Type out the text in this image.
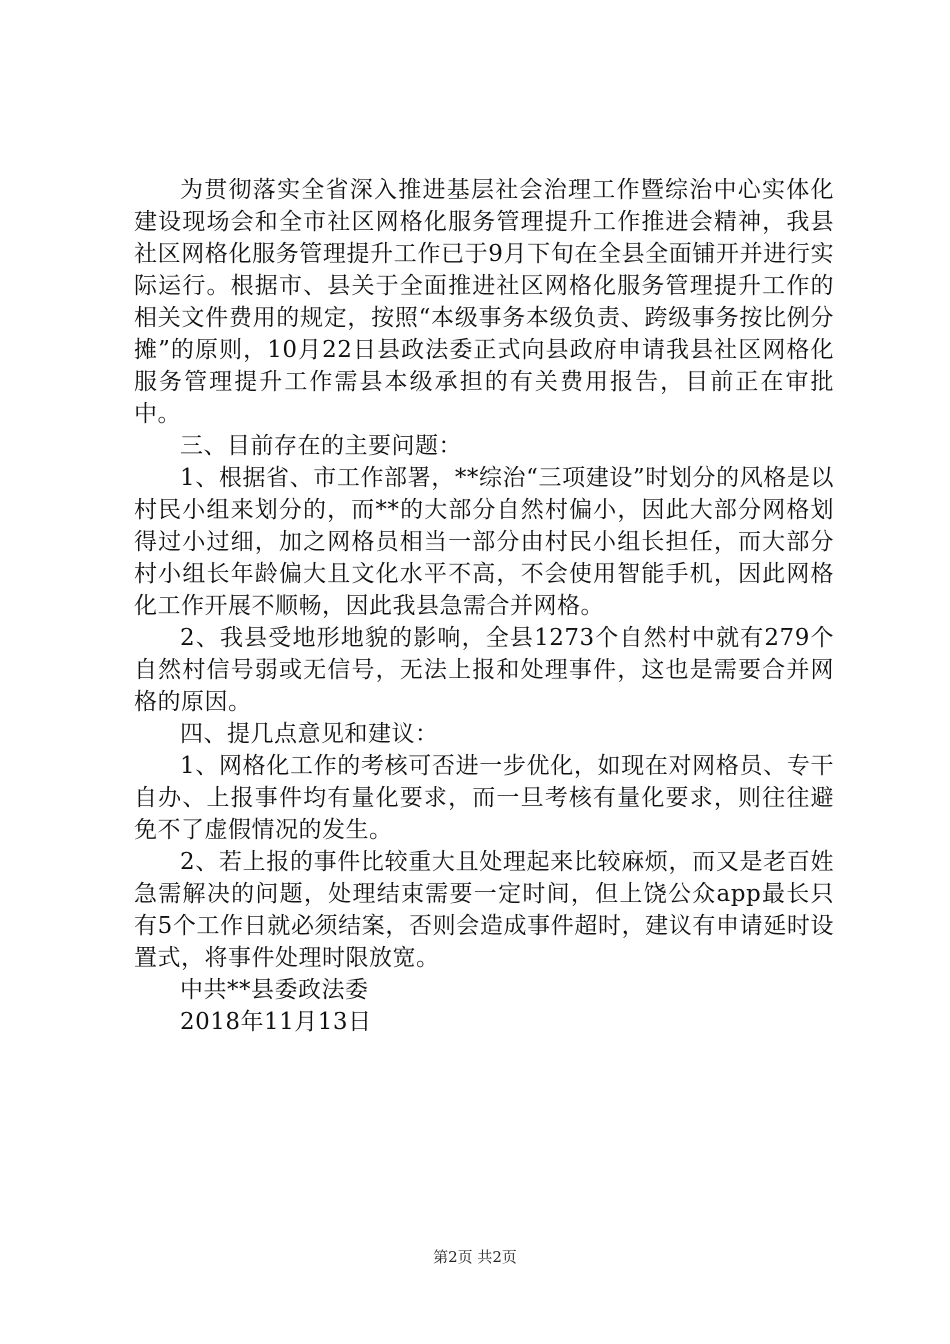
为贯彻落实全省深入推进基层社会治理工作暨综治中心实体化建设现场会和全市社区网格化服务管理提升工作推进会精神，我县社区网格化服务管理提升工作已于9月下旬在全县全面铺开并进行实际运行。根据市、县关于全面推进社区网格化服务管理提升工作的相关文件费用的规定，按照“本级事务本级负责、跨级事务按比例分摊”的原则，10月22日县政法委正式向县政府申请我县社区网格化服务管理提升工作需县本级承担的有关费用报告，目前正在审批中。

三、目前存在的主要问题：

1、根据省、市工作部署，**综治“三项建设”时划分的风格是以村民小组来划分的，而**的大部分自然村偏小，因此大部分网格划得过小过细，加之网格员相当一部分由村民小组长担任，而大部分村小组长年龄偏大且文化水平不高，不会使用智能手机，因此网格化工作开展不顺畅，因此我县急需合并网格。

2、我县受地形地貌的影响，全县1273个自然村中就有279个自然村信号弱或无信号，无法上报和处理事件，这也是需要合并网格的原因。

四、提几点意见和建议：

1、网格化工作的考核可否进一步优化，如现在对网格员、专干自办、上报事件均有量化要求，而一旦考核有量化要求，则往往避免不了虚假情况的发生。

2、若上报的事件比较重大且处理起来比较麻烦，而又是老百姓急需解决的问题，处理结束需要一定时间，但上饶公众app最长只有5个工作日就必须结案，否则会造成事件超时，建议有申请延时设置式，将事件处理时限放宽。

中共**县委政法委

2018年11月13日

第2页 共2页
